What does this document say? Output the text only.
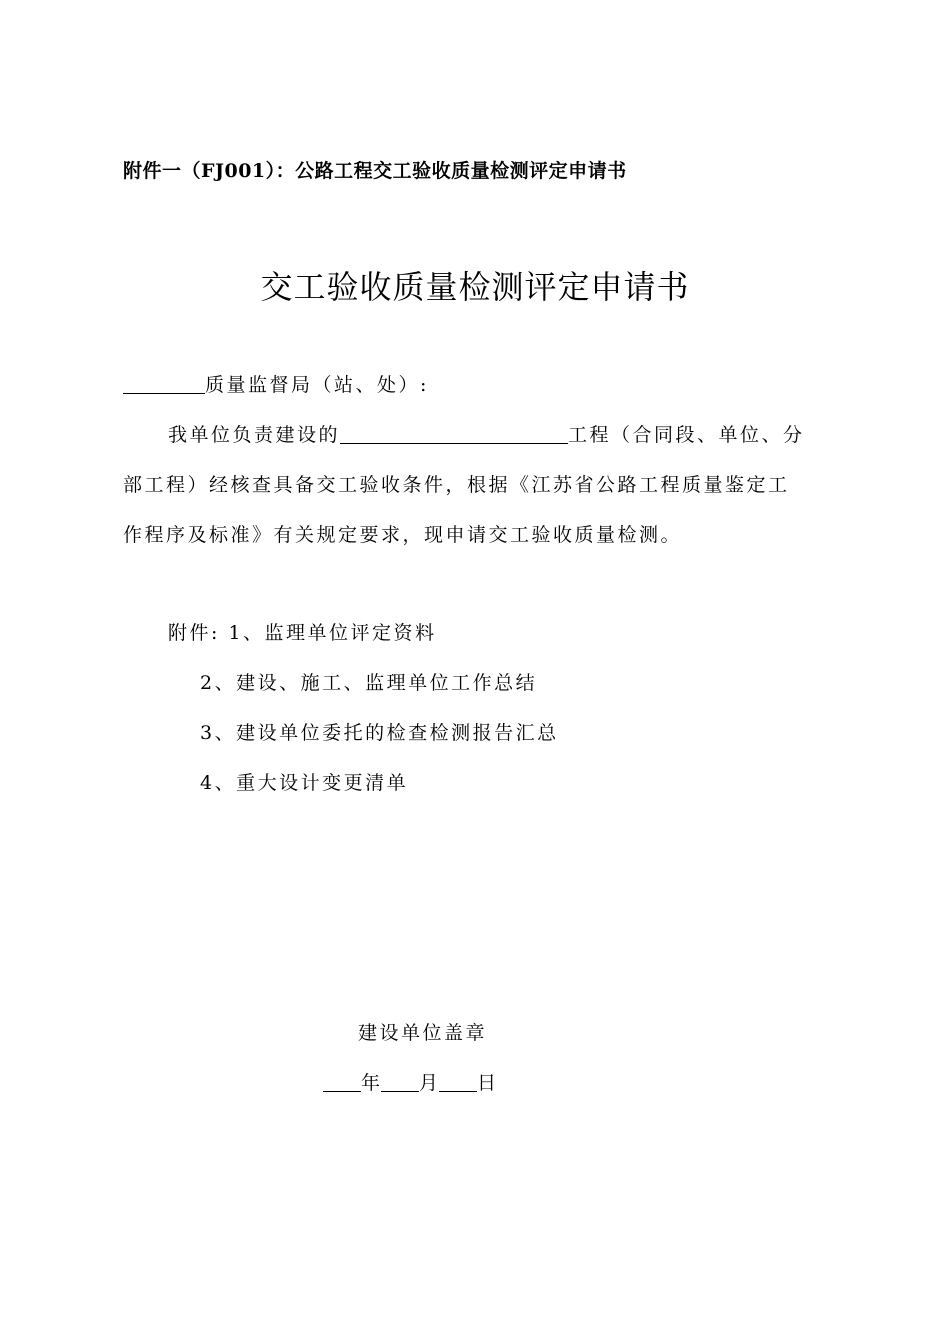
附件一（FJ001）：公路工程交工验收质量检测评定申请书
交工验收质量检测评定申请书
质量监督局（站、处）:
我单位负责建设的	工程（合同段、单位、分
部工程）经核查具备交工验收条件，根据《江苏省公路工程质量鉴定工
作程序及标准》有关规定要求，现申请交工验收质量检测。
附件: 1、监理单位评定资料
2、建设、施工、监理单位工作总结
3、建设单位委托的检查检测报告汇总
4、重大设计变更清单
建设单位盖章
年 月 日
